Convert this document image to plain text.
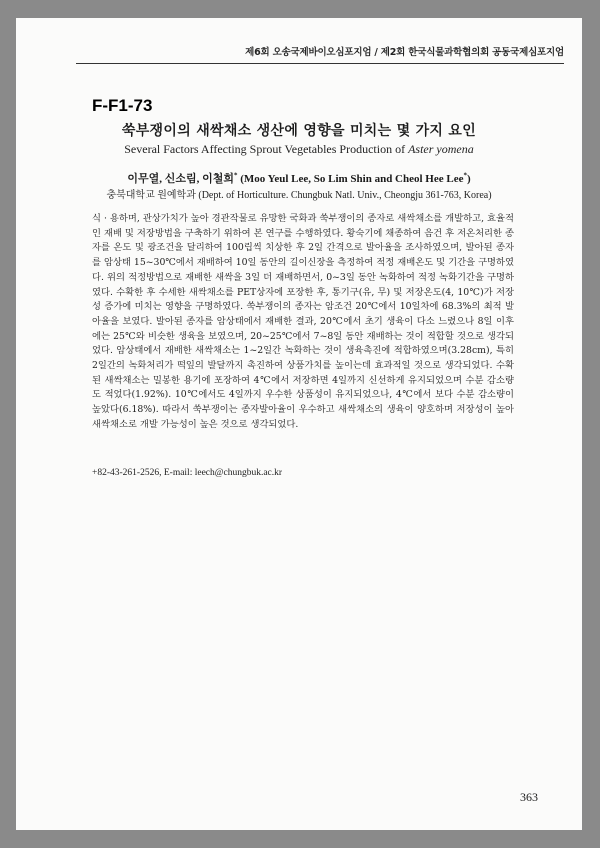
제6회 오송국제바이오심포지엄 / 제2회 한국식물과학협의회 공동국제심포지엄
F-F1-73
쑥부쟁이의 새싹채소 생산에 영향을 미치는 몇 가지 요인
Several Factors Affecting Sprout Vegetables Production of Aster yomena
이무열, 신소림, 이철희* (Moo Yeul Lee, So Lim Shin and Cheol Hee Lee*)
충북대학교 원예학과 (Dept. of Horticulture. Chungbuk Natl. Univ., Cheongju 361-763, Korea)
식 · 용하며, 관상가치가 높아 경관작물로 유망한 국화과 쑥부쟁이의 종자로 새싹채소를 개발하고, 효율적인 재배 및 저장방법을 구축하기 위하여 본 연구를 수행하였다. 황숙기에 채종하여 음건 후 저온처리한 종자를 온도 및 광조건을 달리하여 100립씩 치상한 후 2일 간격으로 발아율을 조사하였으며, 발아된 종자를 암상태 15~30℃에서 재배하여 10일 동안의 길이신장을 측정하여 적정 재배온도 및 기간을 구명하였다. 위의 적정방법으로 재배한 새싹을 3일 더 재배하면서, 0~3일 동안 녹화하여 적정 녹화기간을 구명하였다. 수확한 후 수세한 새싹채소를 PET상자에 포장한 후, 통기구(유, 무) 및 저장온도(4, 10℃)가 저장성 증가에 미치는 영향을 구명하였다. 쑥부쟁이의 종자는 암조건 20℃에서 10일차에 68.3%의 최적 발아율을 보였다. 발아된 종자를 암상태에서 재배한 결과, 20℃에서 초기 생육이 다소 느렸으나 8일 이후에는 25℃와 비슷한 생육을 보였으며, 20~25℃에서 7~8일 동안 재배하는 것이 적합할 것으로 생각되었다. 암상태에서 재배한 새싹채소는 1~2일간 녹화하는 것이 생육촉진에 적합하였으며(3.28cm), 특히 2일간의 녹화처리가 떡잎의 발달까지 촉진하여 상품가치를 높이는데 효과적일 것으로 생각되었다. 수확된 새싹채소는 밀봉한 용기에 포장하여 4℃에서 저장하면 4일까지 신선하게 유지되었으며 수분 감소량도 적었다(1.92%). 10℃에서도 4일까지 우수한 상품성이 유지되었으나, 4℃에서 보다 수분 감소량이 높았다(6.18%). 따라서 쑥부쟁이는 종자발아율이 우수하고 새싹채소의 생육이 양호하며 저장성이 높아 새싹채소로 개발 가능성이 높은 것으로 생각되었다.
+82-43-261-2526, E-mail: leech@chungbuk.ac.kr
363
